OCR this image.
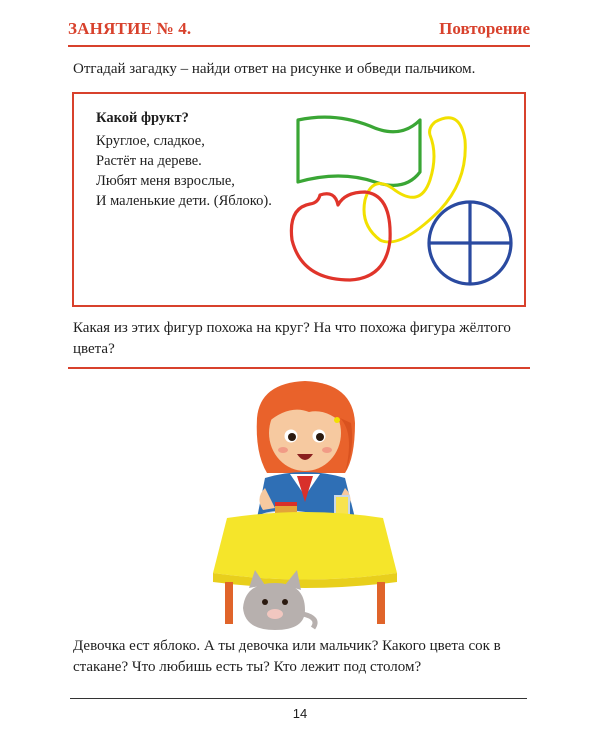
ЗАНЯТИЕ № 4.	Повторение
Отгадай загадку – найди ответ на рисунке и обведи пальчиком.
Какой фрукт?
Круглое, сладкое,
Растёт на дереве.
Любят меня взрослые,
И маленькие дети. (Яблоко).
Какая из этих фигур похожа на круг? На что похожа фигура жёлтого цвета?
Девочка ест яблоко. А ты девочка или мальчик? Какого цвета сок в стакане? Что любишь есть ты? Кто лежит под столом?
14
